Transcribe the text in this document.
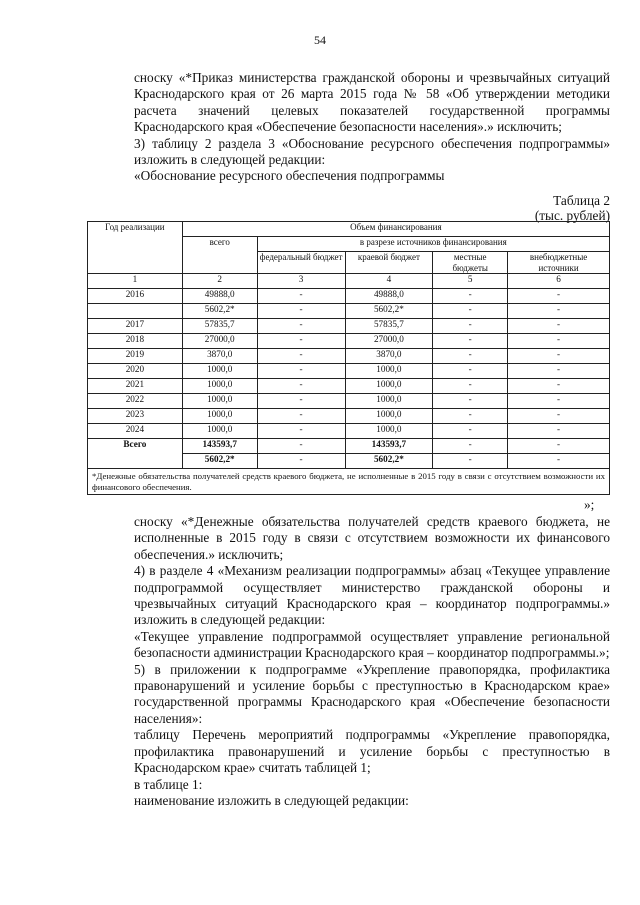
54
сноску «*Приказ министерства гражданской обороны и чрезвычайных ситуаций Краснодарского края от 26 марта 2015 года № 58 «Об утверждении методики расчета значений целевых показателей государственной программы Краснодарского края «Обеспечение безопасности населения».» исключить;
3) таблицу 2 раздела 3 «Обоснование ресурсного обеспечения подпрограммы» изложить в следующей редакции:
«Обоснование ресурсного обеспечения подпрограммы
Таблица 2
(тыс. рублей)
Год реализации	Объем финансирования				
	всего	в разрезе источников финансирования			
		федеральный бюджет	краевой бюджет	местные бюджеты	внебюджетные источники
1	2	3	4	5	6
2016	49888,0	-	49888,0	-	-
	5602,2*	-	5602,2*	-	-
2017	57835,7	-	57835,7	-	-
2018	27000,0	-	27000,0	-	-
2019	3870,0	-	3870,0	-	-
2020	1000,0	-	1000,0	-	-
2021	1000,0	-	1000,0	-	-
2022	1000,0	-	1000,0	-	-
2023	1000,0	-	1000,0	-	-
2024	1000,0	-	1000,0	-	-
Всего	143593,7	-	143593,7	-	-
	5602,2*	-	5602,2*	-	-
*Денежные обязательства получателей средств краевого бюджета, не исполненные в 2015 году в связи с отсутствием возможности их финансового обеспечения.					
»;
сноску «*Денежные обязательства получателей средств краевого бюджета, не исполненные в 2015 году в связи с отсутствием возможности их финансового обеспечения.» исключить;
4) в разделе 4 «Механизм реализации подпрограммы» абзац «Текущее управление подпрограммой осуществляет министерство гражданской обороны и чрезвычайных ситуаций Краснодарского края – координатор подпрограммы.» изложить в следующей редакции:
«Текущее управление подпрограммой осуществляет управление региональной безопасности администрации Краснодарского края – координатор подпрограммы.»;
5) в приложении к подпрограмме «Укрепление правопорядка, профилактика правонарушений и усиление борьбы с преступностью в Краснодарском крае» государственной программы Краснодарского края «Обеспечение безопасности населения»:
таблицу Перечень мероприятий подпрограммы «Укрепление правопорядка, профилактика правонарушений и усиление борьбы с преступностью в Краснодарском крае» считать таблицей 1;
в таблице 1:
наименование изложить в следующей редакции:
